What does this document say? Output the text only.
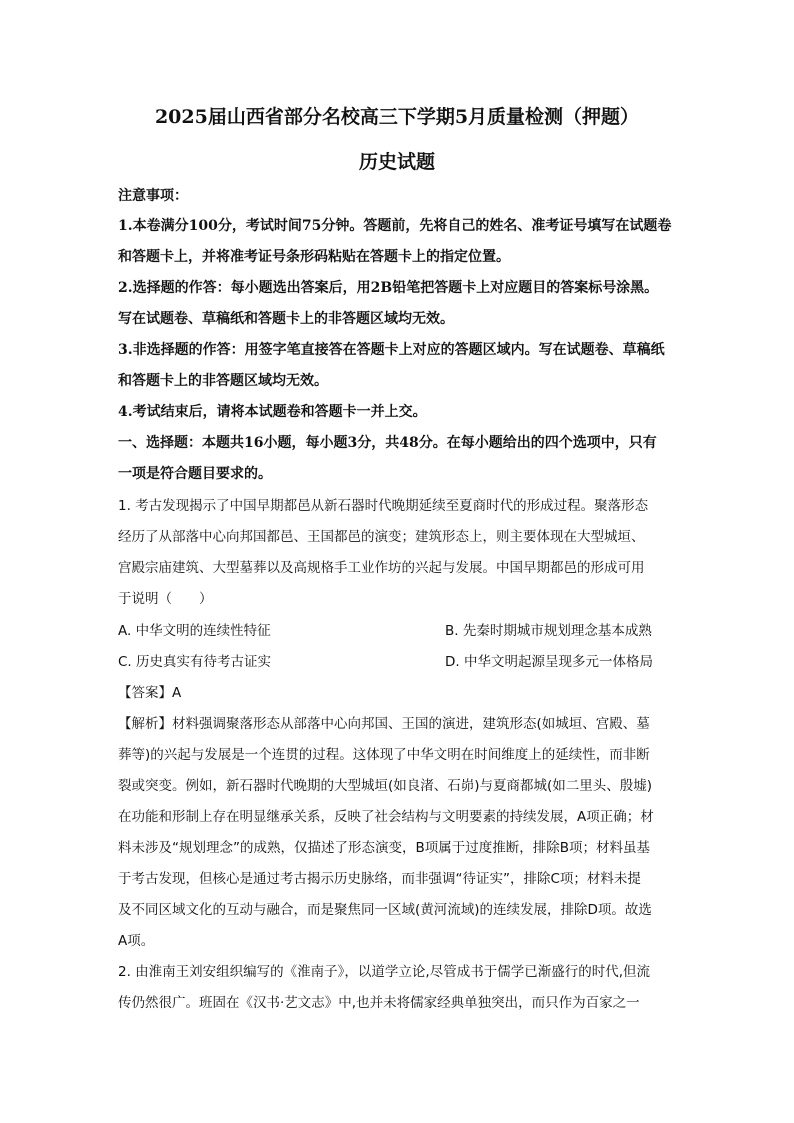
2025届山西省部分名校高三下学期5月质量检测（押题）
历史试题
注意事项：
1.本卷满分100分，考试时间75分钟。答题前，先将自己的姓名、准考证号填写在试题卷
和答题卡上，并将准考证号条形码粘贴在答题卡上的指定位置。
2.选择题的作答：每小题选出答案后，用2B铅笔把答题卡上对应题目的答案标号涂黑。
写在试题卷、草稿纸和答题卡上的非答题区域均无效。
3.非选择题的作答：用签字笔直接答在答题卡上对应的答题区域内。写在试题卷、草稿纸
和答题卡上的非答题区域均无效。
4.考试结束后，请将本试题卷和答题卡一并上交。
一、选择题：本题共16小题，每小题3分，共48分。在每小题给出的四个选项中，只有
一项是符合题目要求的。
1. 考古发现揭示了中国早期都邑从新石器时代晚期延续至夏商时代的形成过程。聚落形态
经历了从部落中心向邦国都邑、王国都邑的演变；建筑形态上，则主要体现在大型城垣、
宫殿宗庙建筑、大型墓葬以及高规格手工业作坊的兴起与发展。中国早期都邑的形成可用
于说明（　　）
A. 中华文明的连续性特征	B. 先秦时期城市规划理念基本成熟
C. 历史真实有待考古证实	D. 中华文明起源呈现多元一体格局
【答案】A
【解析】材料强调聚落形态从部落中心向邦国、王国的演进，建筑形态(如城垣、宫殿、墓
葬等)的兴起与发展是一个连贯的过程。这体现了中华文明在时间维度上的延续性，而非断
裂或突变。例如，新石器时代晚期的大型城垣(如良渚、石峁)与夏商都城(如二里头、殷墟)
在功能和形制上存在明显继承关系，反映了社会结构与文明要素的持续发展，A项正确；材
料未涉及“规划理念”的成熟，仅描述了形态演变，B项属于过度推断，排除B项；材料虽基
于考古发现，但核心是通过考古揭示历史脉络，而非强调“待证实”，排除C项；材料未提
及不同区域文化的互动与融合，而是聚焦同一区域(黄河流域)的连续发展，排除D项。故选
A项。
2. 由淮南王刘安组织编写的《淮南子》，以道学立论,尽管成书于儒学已渐盛行的时代,但流
传仍然很广。班固在《汉书·艺文志》中,也并未将儒家经典单独突出，而只作为百家之一
